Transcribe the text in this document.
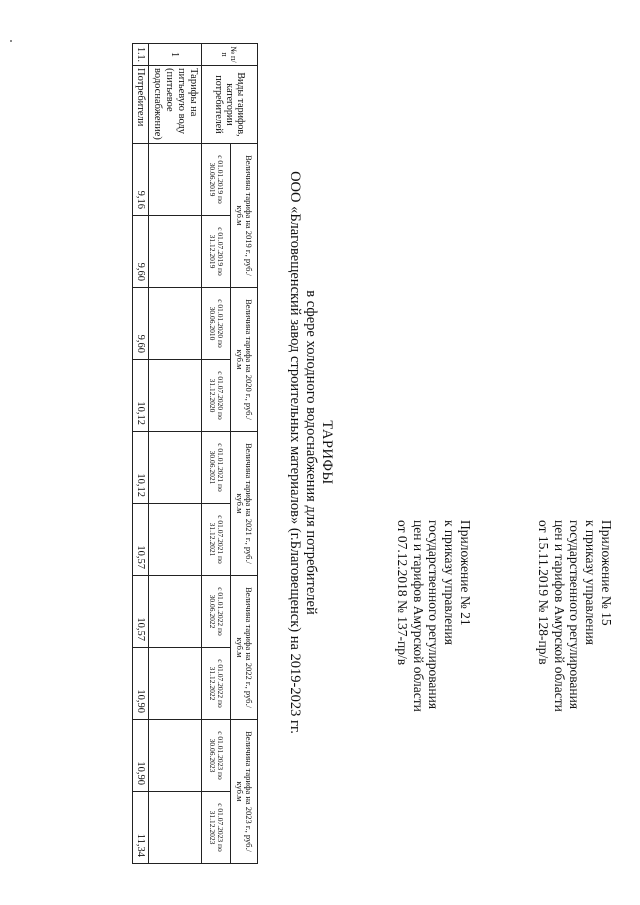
Приложение № 15
к приказу управления
государственного регулирования
цен и тарифов Амурской области
от 15.11.2019 № 128-пр/в
Приложение № 21
к приказу управления
государственного регулирования
цен и тарифов Амурской области
от 07.12.2018 № 137-пр/в
ТАРИФЫ
в сфере холодного водоснабжения для потребителей
ООО «Благовещенский завод строительных материалов» (г.Благовещенск) на 2019-2023 гг.
№ п/п	Виды тарифов, категории потребителей	Величина тарифа на 2019 г., руб./куб.м		Величина тарифа на 2020 г., руб./куб.м		Величина тарифа на 2021 г., руб./куб.м		Величина тарифа на 2022 г., руб./куб.м		Величина тарифа на 2023 г., руб./куб.м	
		с 01.01.2019 по 30.06.2019	с 01.07.2019 по 31.12.2019	с 01.01.2020 по 30.06.2010	с 01.07.2020 по 31.12.2020	с 01.01.2021 по 30.06.2021	с 01.07.2021 по 31.12.2021	с 01.01.2022 по 30.06.2022	с 01.07.2022 по 31.12.2022	с 01.01.2023 по 30.06.2023	с 01.07.2023 по 31.12.2023
1	Тарифы на питьевую воду (питьевое водоснабжение)										
1.1.	Потребители	9,16	9,60	9,60	10,12	10,12	10,57	10,57	10,90	10,90	11,34
